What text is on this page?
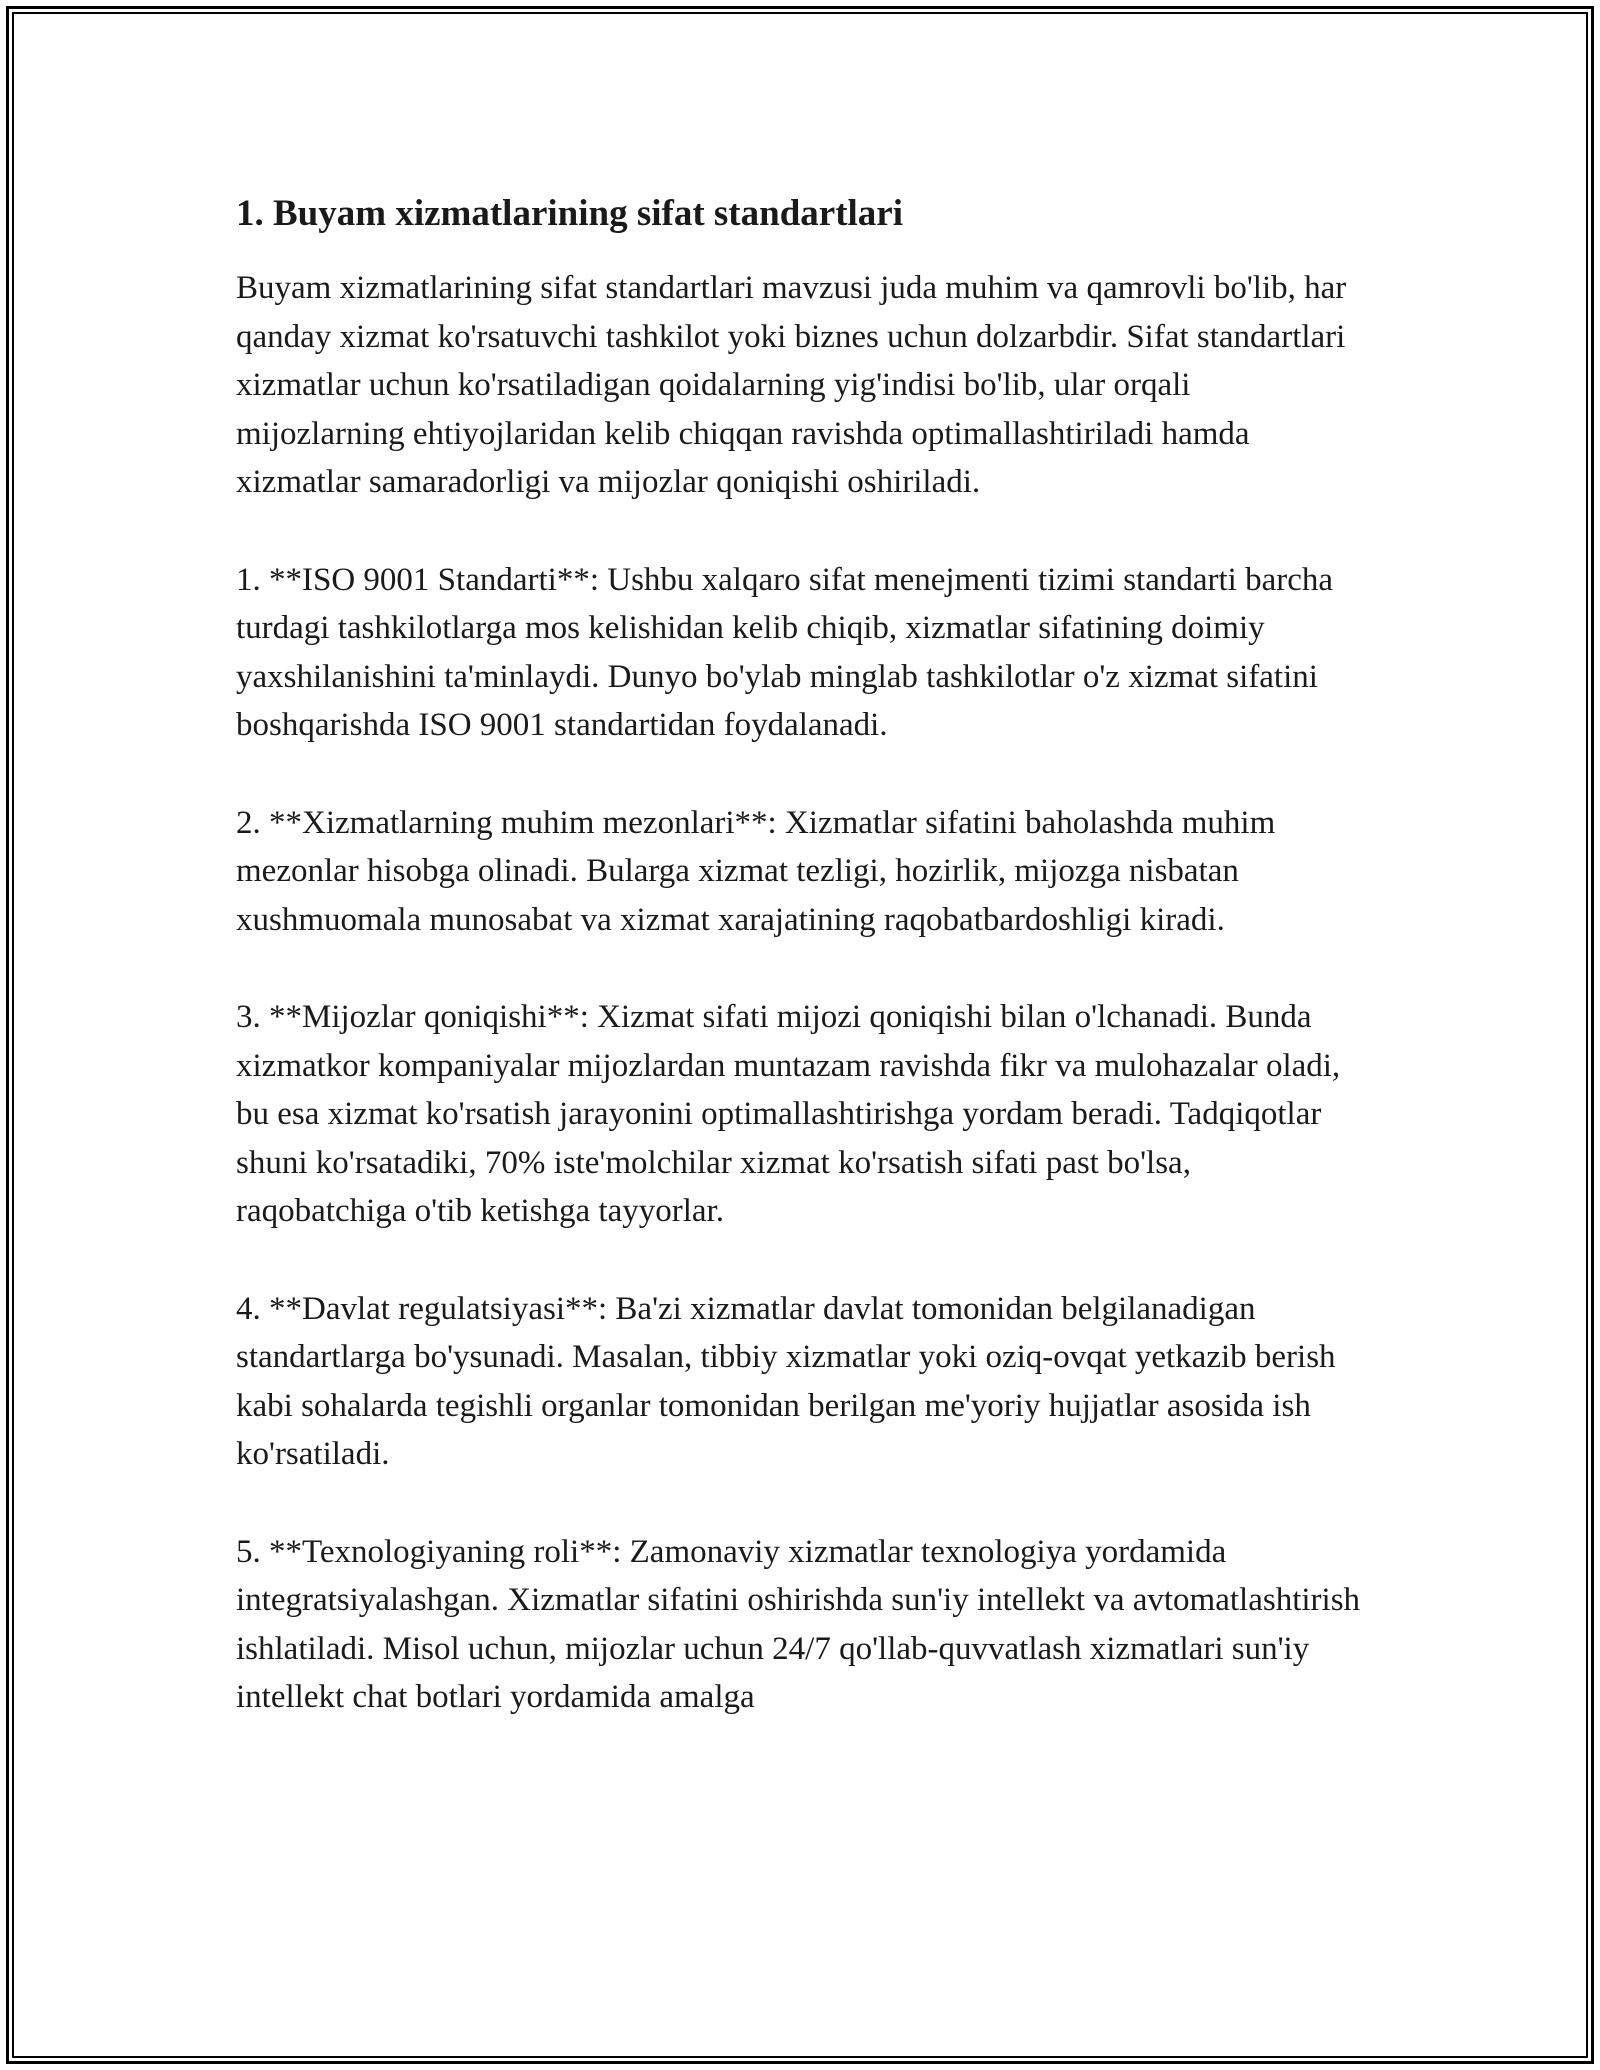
1. Buyam xizmatlarining sifat standartlari

Buyam xizmatlarining sifat standartlari mavzusi juda muhim va qamrovli bo'lib, har qanday xizmat ko'rsatuvchi tashkilot yoki biznes uchun dolzarbdir. Sifat standartlari xizmatlar uchun ko'rsatiladigan qoidalarning yig'indisi bo'lib, ular orqali mijozlarning ehtiyojlaridan kelib chiqqan ravishda optimallashtiriladi hamda xizmatlar samaradorligi va mijozlar qoniqishi oshiriladi.

1. **ISO 9001 Standarti**: Ushbu xalqaro sifat menejmenti tizimi standarti barcha turdagi tashkilotlarga mos kelishidan kelib chiqib, xizmatlar sifatining doimiy yaxshilanishini ta'minlaydi. Dunyo bo'ylab minglab tashkilotlar o'z xizmat sifatini boshqarishda ISO 9001 standartidan foydalanadi.

2. **Xizmatlarning muhim mezonlari**: Xizmatlar sifatini baholashda muhim mezonlar hisobga olinadi. Bularga xizmat tezligi, hozirlik, mijozga nisbatan xushmuomala munosabat va xizmat xarajatining raqobatbardoshligi kiradi.

3. **Mijozlar qoniqishi**: Xizmat sifati mijozi qoniqishi bilan o'lchanadi. Bunda xizmatkor kompaniyalar mijozlardan muntazam ravishda fikr va mulohazalar oladi, bu esa xizmat ko'rsatish jarayonini optimallashtirishga yordam beradi. Tadqiqotlar shuni ko'rsatadiki, 70% iste'molchilar xizmat ko'rsatish sifati past bo'lsa, raqobatchiga o'tib ketishga tayyorlar.

4. **Davlat regulatsiyasi**: Ba'zi xizmatlar davlat tomonidan belgilanadigan standartlarga bo'ysunadi. Masalan, tibbiy xizmatlar yoki oziq-ovqat yetkazib berish kabi sohalarda tegishli organlar tomonidan berilgan me'yoriy hujjatlar asosida ish ko'rsatiladi.

5. **Texnologiyaning roli**: Zamonaviy xizmatlar texnologiya yordamida integratsiyalashgan. Xizmatlar sifatini oshirishda sun'iy intellekt va avtomatlashtirish ishlatiladi. Misol uchun, mijozlar uchun 24/7 qo'llab-quvvatlash xizmatlari sun'iy intellekt chat botlari yordamida amalga
